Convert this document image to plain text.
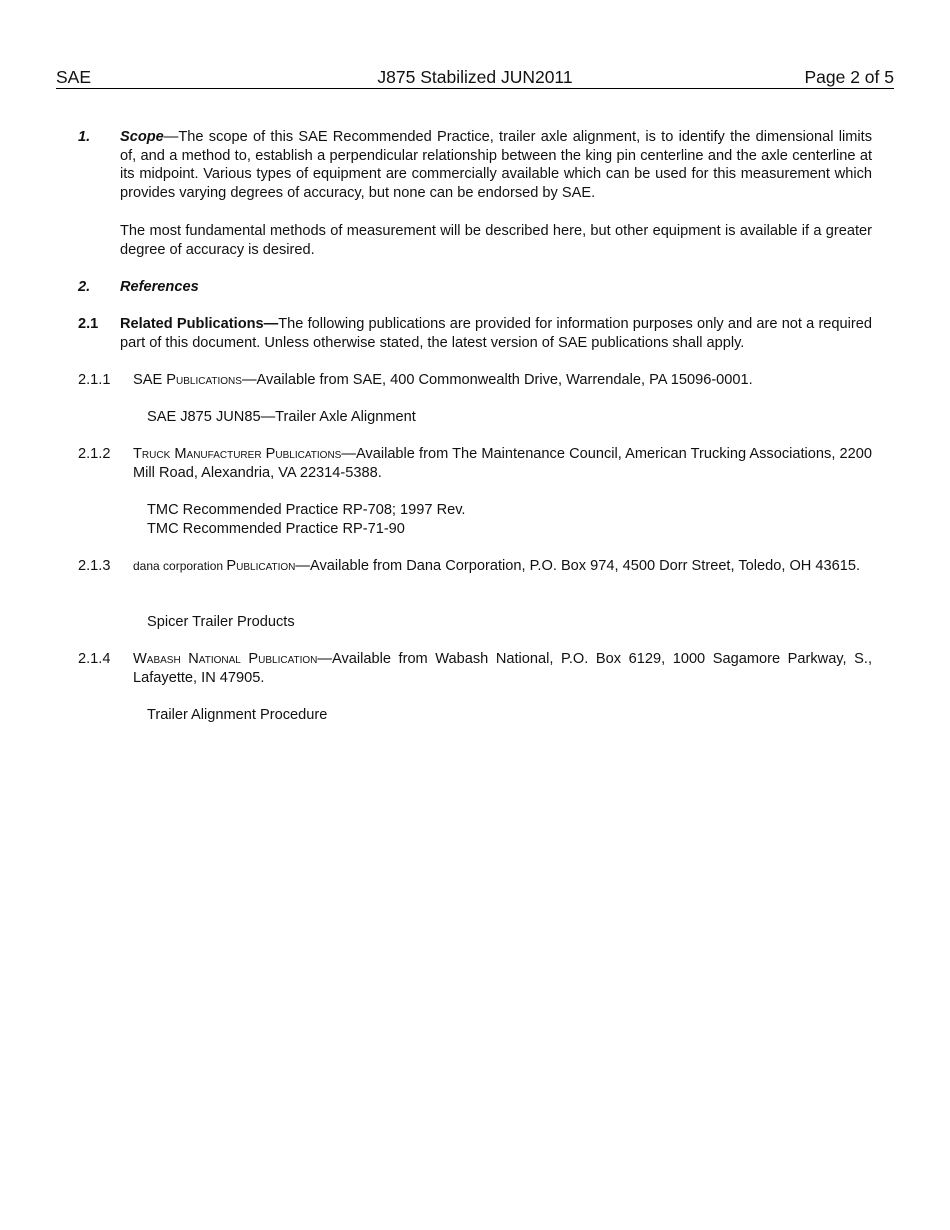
SAE	J875 Stabilized JUN2011	Page 2 of 5
1. Scope—The scope of this SAE Recommended Practice, trailer axle alignment, is to identify the dimensional limits of, and a method to, establish a perpendicular relationship between the king pin centerline and the axle centerline at its midpoint. Various types of equipment are commercially available which can be used for this measurement which provides varying degrees of accuracy, but none can be endorsed by SAE.

The most fundamental methods of measurement will be described here, but other equipment is available if a greater degree of accuracy is desired.

2. References
2.1 Related Publications—The following publications are provided for information purposes only and are not a required part of this document. Unless otherwise stated, the latest version of SAE publications shall apply.

2.1.1 SAE Publications—Available from SAE, 400 Commonwealth Drive, Warrendale, PA 15096-0001.

SAE J875 JUN85—Trailer Axle Alignment
2.1.2 Truck Manufacturer Publications—Available from The Maintenance Council, American Trucking Associations, 2200 Mill Road, Alexandria, VA 22314-5388.

TMC Recommended Practice RP-708; 1997 Rev.
TMC Recommended Practice RP-71-90
2.1.3 dana corporation Publication—Available from Dana Corporation, P.O. Box 974, 4500 Dorr Street, Toledo, OH 43615.

Spicer Trailer Products
2.1.4 Wabash National Publication—Available from Wabash National, P.O. Box 6129, 1000 Sagamore Parkway, S., Lafayette, IN 47905.

Trailer Alignment Procedure
